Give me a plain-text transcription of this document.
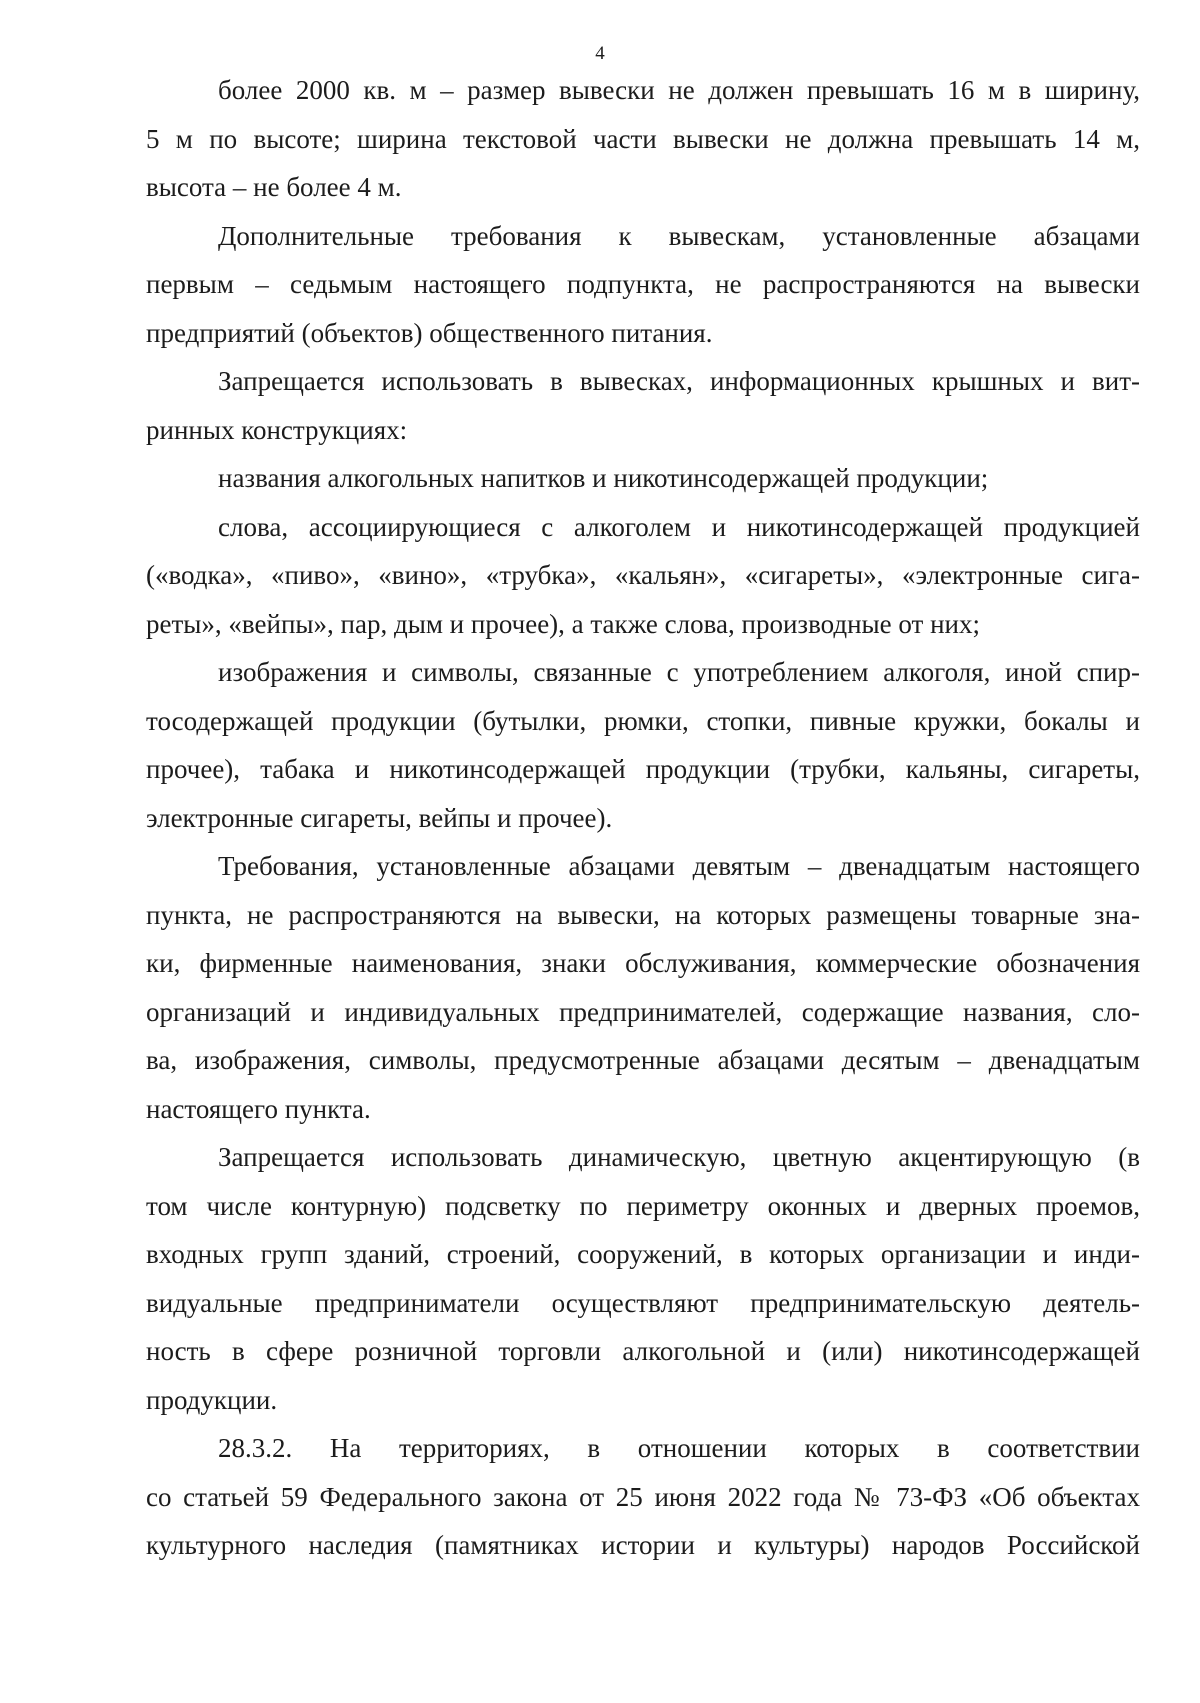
4
более 2000 кв. м – размер вывески не должен превышать 16 м в ширину,
5 м по высоте; ширина текстовой части вывески не должна превышать 14 м,
высота – не более 4 м.
Дополнительные требования к вывескам, установленные абзацами
первым – седьмым настоящего подпункта, не распространяются на вывески
предприятий (объектов) общественного питания.
Запрещается использовать в вывесках, информационных крышных и вит-
ринных конструкциях:
названия алкогольных напитков и никотинсодержащей продукции;
слова, ассоциирующиеся с алкоголем и никотинсодержащей продукцией
(«водка», «пиво», «вино», «трубка», «кальян», «сигареты», «электронные сига-
реты», «вейпы», пар, дым и прочее), а также слова, производные от них;
изображения и символы, связанные с употреблением алкоголя, иной спир-
тосодержащей продукции (бутылки, рюмки, стопки, пивные кружки, бокалы и
прочее), табака и никотинсодержащей продукции (трубки, кальяны, сигареты,
электронные сигареты, вейпы и прочее).
Требования, установленные абзацами девятым – двенадцатым настоящего
пункта, не распространяются на вывески, на которых размещены товарные зна-
ки, фирменные наименования, знаки обслуживания, коммерческие обозначения
организаций и индивидуальных предпринимателей, содержащие названия, сло-
ва, изображения, символы, предусмотренные абзацами десятым – двенадцатым
настоящего пункта.
Запрещается использовать динамическую, цветную акцентирующую (в
том числе контурную) подсветку по периметру оконных и дверных проемов,
входных групп зданий, строений, сооружений, в которых организации и инди-
видуальные предприниматели осуществляют предпринимательскую деятель-
ность в сфере розничной торговли алкогольной и (или) никотинсодержащей
продукции.
28.3.2. На территориях, в отношении которых в соответствии
со статьей 59 Федерального закона от 25 июня 2022 года № 73-ФЗ «Об объектах
культурного наследия (памятниках истории и культуры) народов Российской
